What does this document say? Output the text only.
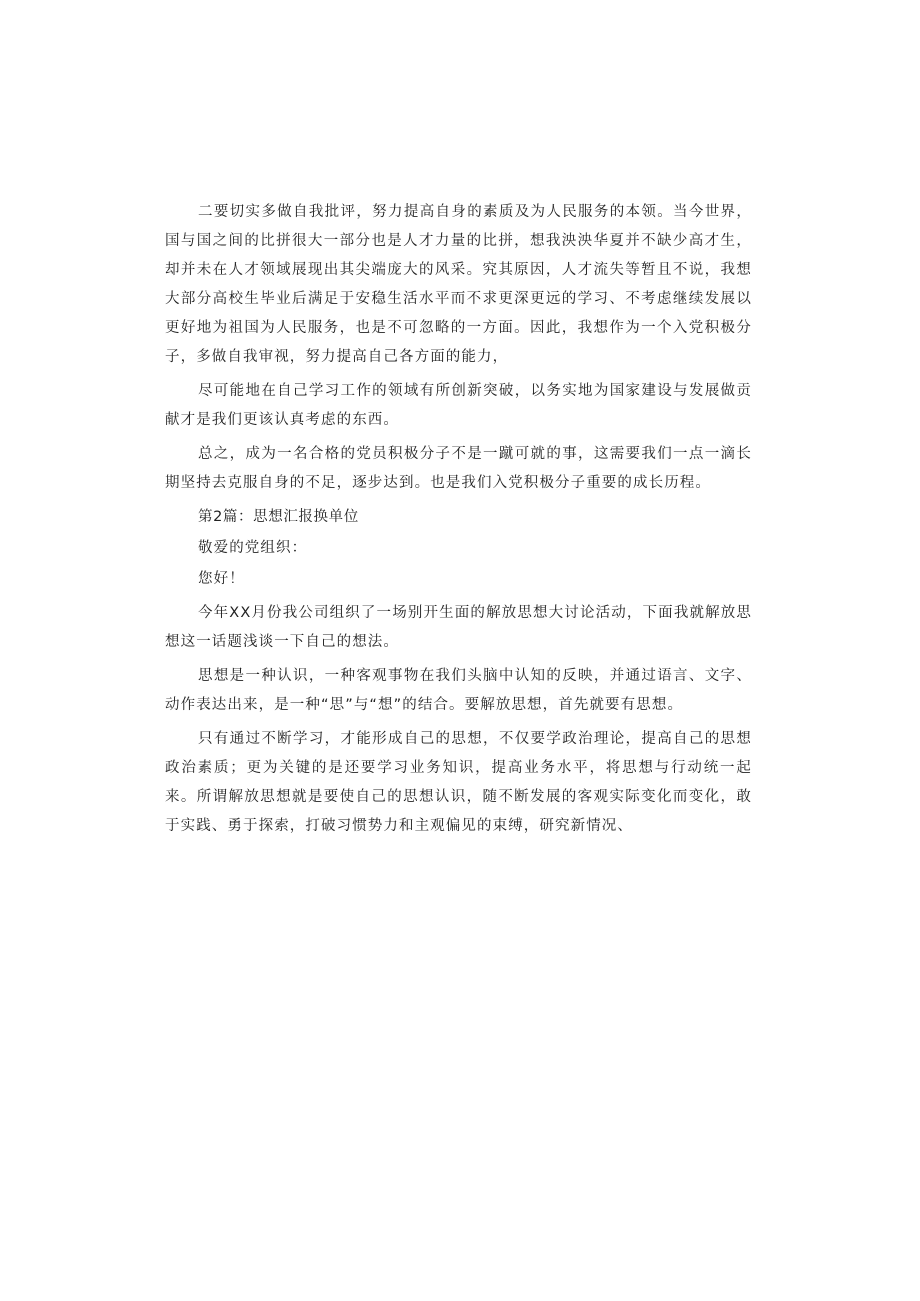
二要切实多做自我批评，努力提高自身的素质及为人民服务的本领。当今世界，国与国之间的比拼很大一部分也是人才力量的比拼，想我泱泱华夏并不缺少高才生，却并未在人才领域展现出其尖端庞大的风采。究其原因，人才流失等暂且不说，我想大部分高校生毕业后满足于安稳生活水平而不求更深更远的学习、不考虑继续发展以更好地为祖国为人民服务，也是不可忽略的一方面。因此，我想作为一个入党积极分子，多做自我审视，努力提高自己各方面的能力，

尽可能地在自己学习工作的领域有所创新突破，以务实地为国家建设与发展做贡献才是我们更该认真考虑的东西。

总之，成为一名合格的党员积极分子不是一蹴可就的事，这需要我们一点一滴长期坚持去克服自身的不足，逐步达到。也是我们入党积极分子重要的成长历程。

第2篇：思想汇报换单位

敬爱的党组织：

您好！

今年XX月份我公司组织了一场别开生面的解放思想大讨论活动，下面我就解放思想这一话题浅谈一下自己的想法。

思想是一种认识，一种客观事物在我们头脑中认知的反映，并通过语言、文字、动作表达出来，是一种“思”与“想”的结合。要解放思想，首先就要有思想。

只有通过不断学习，才能形成自己的思想，不仅要学政治理论，提高自己的思想政治素质；更为关键的是还要学习业务知识，提高业务水平，将思想与行动统一起来。所谓解放思想就是要使自己的思想认识，随不断发展的客观实际变化而变化，敢于实践、勇于探索，打破习惯势力和主观偏见的束缚，研究新情况、
